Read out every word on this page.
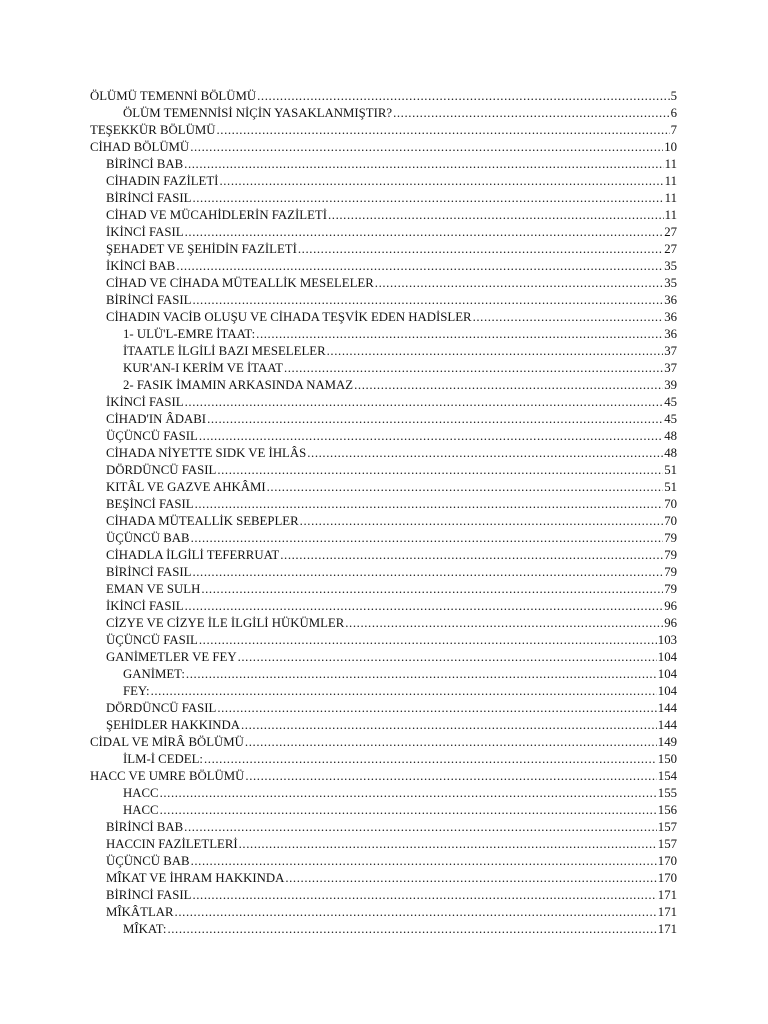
ÖLÜMÜ TEMENNİ BÖLÜMÜ .....	5
ÖLÜM TEMENNİSİ NİÇİN YASAKLANMIŞTIR? .....	6
TEŞEKKÜR BÖLÜMÜ .....	7
CİHAD BÖLÜMÜ .....	10
BİRİNCİ BAB .....	11
CİHADIN FAZİLETİ .....	11
BİRİNCİ FASIL .....	11
CİHAD VE MÜCAHİDLERİN FAZİLETİ .....	11
İKİNCİ FASIL .....	27
ŞEHADET VE ŞEHİDİN FAZİLETİ .....	27
İKİNCİ BAB .....	35
CİHAD VE CİHADA MÜTEALLİK MESELELER .....	35
BİRİNCİ FASIL .....	36
CİHADIN VACİB OLUŞU VE CİHADA TEŞVİK EDEN HADİSLER .....	36
1- ULÜ'L-EMRE İTAAT: .....	36
İTAATLE İLGİLİ BAZI MESELELER .....	37
KUR'AN-I KERİM VE İTAAT .....	37
2- FASIK İMAMIN ARKASINDA NAMAZ .....	39
İKİNCİ FASIL .....	45
CİHAD'IN ÂDABI .....	45
ÜÇÜNCÜ FASIL .....	48
CİHADA NİYETTE SIDK VE İHLÂS .....	48
DÖRDÜNCÜ FASIL .....	51
KITÂL VE GAZVE AHKÂMI .....	51
BEŞİNCİ FASIL .....	70
CİHADA MÜTEALLİK SEBEPLER .....	70
ÜÇÜNCÜ BAB .....	79
CİHADLA İLGİLİ TEFERRUAT .....	79
BİRİNCİ FASIL .....	79
EMAN VE SULH .....	79
İKİNCİ FASIL .....	96
CİZYE VE CİZYE İLE İLGİLİ HÜKÜMLER .....	96
ÜÇÜNCÜ FASIL .....	103
GANİMETLER VE FEY .....	104
GANİMET: .....	104
FEY: .....	104
DÖRDÜNCÜ FASIL .....	144
ŞEHİDLER HAKKINDA .....	144
CİDAL VE MİRÂ BÖLÜMÜ .....	149
İLM-İ CEDEL: .....	150
HACC VE UMRE BÖLÜMÜ .....	154
HACC .....	155
HACC .....	156
BİRİNCİ BAB .....	157
HACCIN FAZİLETLERİ .....	157
ÜÇÜNCÜ BAB .....	170
MÎKAT VE İHRAM HAKKINDA .....	170
BİRİNCİ FASIL .....	171
MÎKÂTLAR .....	171
MÎKAT: .....	171
